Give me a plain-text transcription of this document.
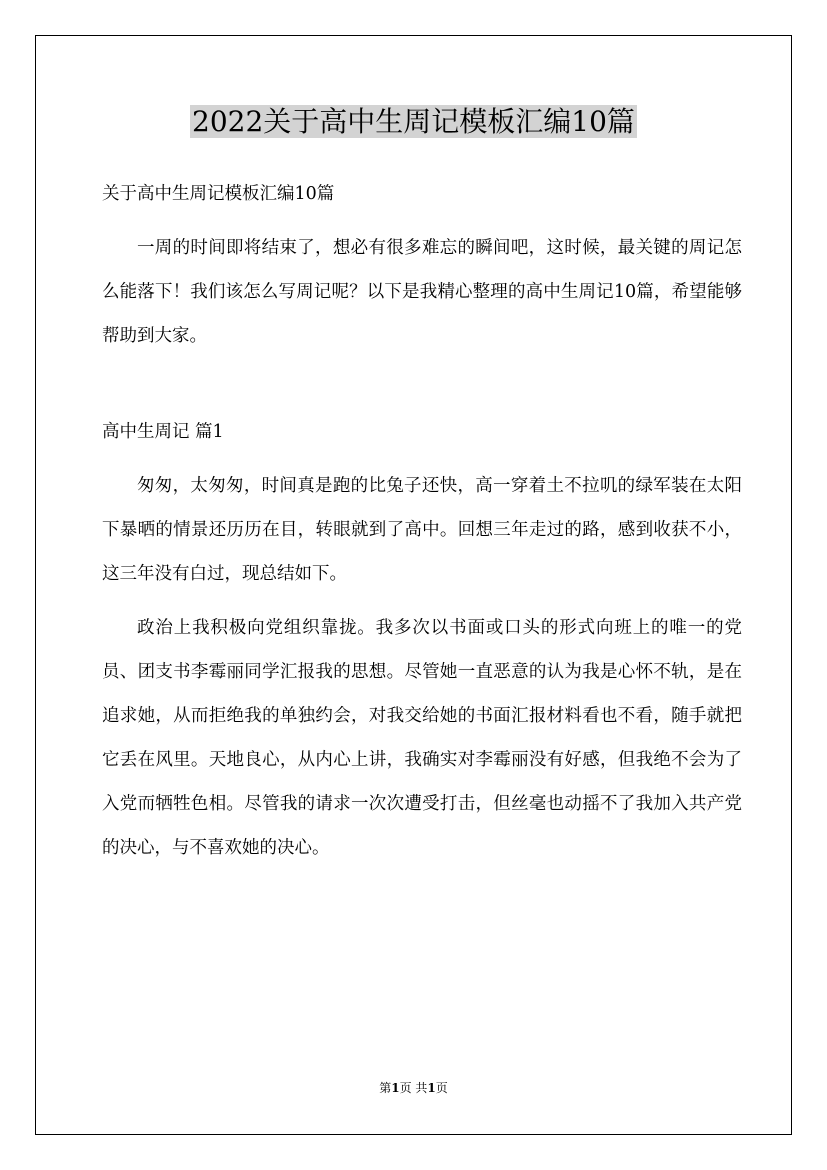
2022关于高中生周记模板汇编10篇

关于高中生周记模板汇编10篇

一周的时间即将结束了，想必有很多难忘的瞬间吧，这时候，最关键的周记怎么能落下！我们该怎么写周记呢？以下是我精心整理的高中生周记10篇，希望能够帮助到大家。

高中生周记 篇1

匆匆，太匆匆，时间真是跑的比兔子还快，高一穿着土不拉叽的绿军装在太阳下暴晒的情景还历历在目，转眼就到了高中。回想三年走过的路，感到收获不小，这三年没有白过，现总结如下。

政治上我积极向党组织靠拢。我多次以书面或口头的形式向班上的唯一的党员、团支书李霉丽同学汇报我的思想。尽管她一直恶意的认为我是心怀不轨，是在追求她，从而拒绝我的单独约会，对我交给她的书面汇报材料看也不看，随手就把它丢在风里。天地良心，从内心上讲，我确实对李霉丽没有好感，但我绝不会为了入党而牺牲色相。尽管我的请求一次次遭受打击，但丝毫也动摇不了我加入共产党的决心，与不喜欢她的决心。

第1页 共1页
